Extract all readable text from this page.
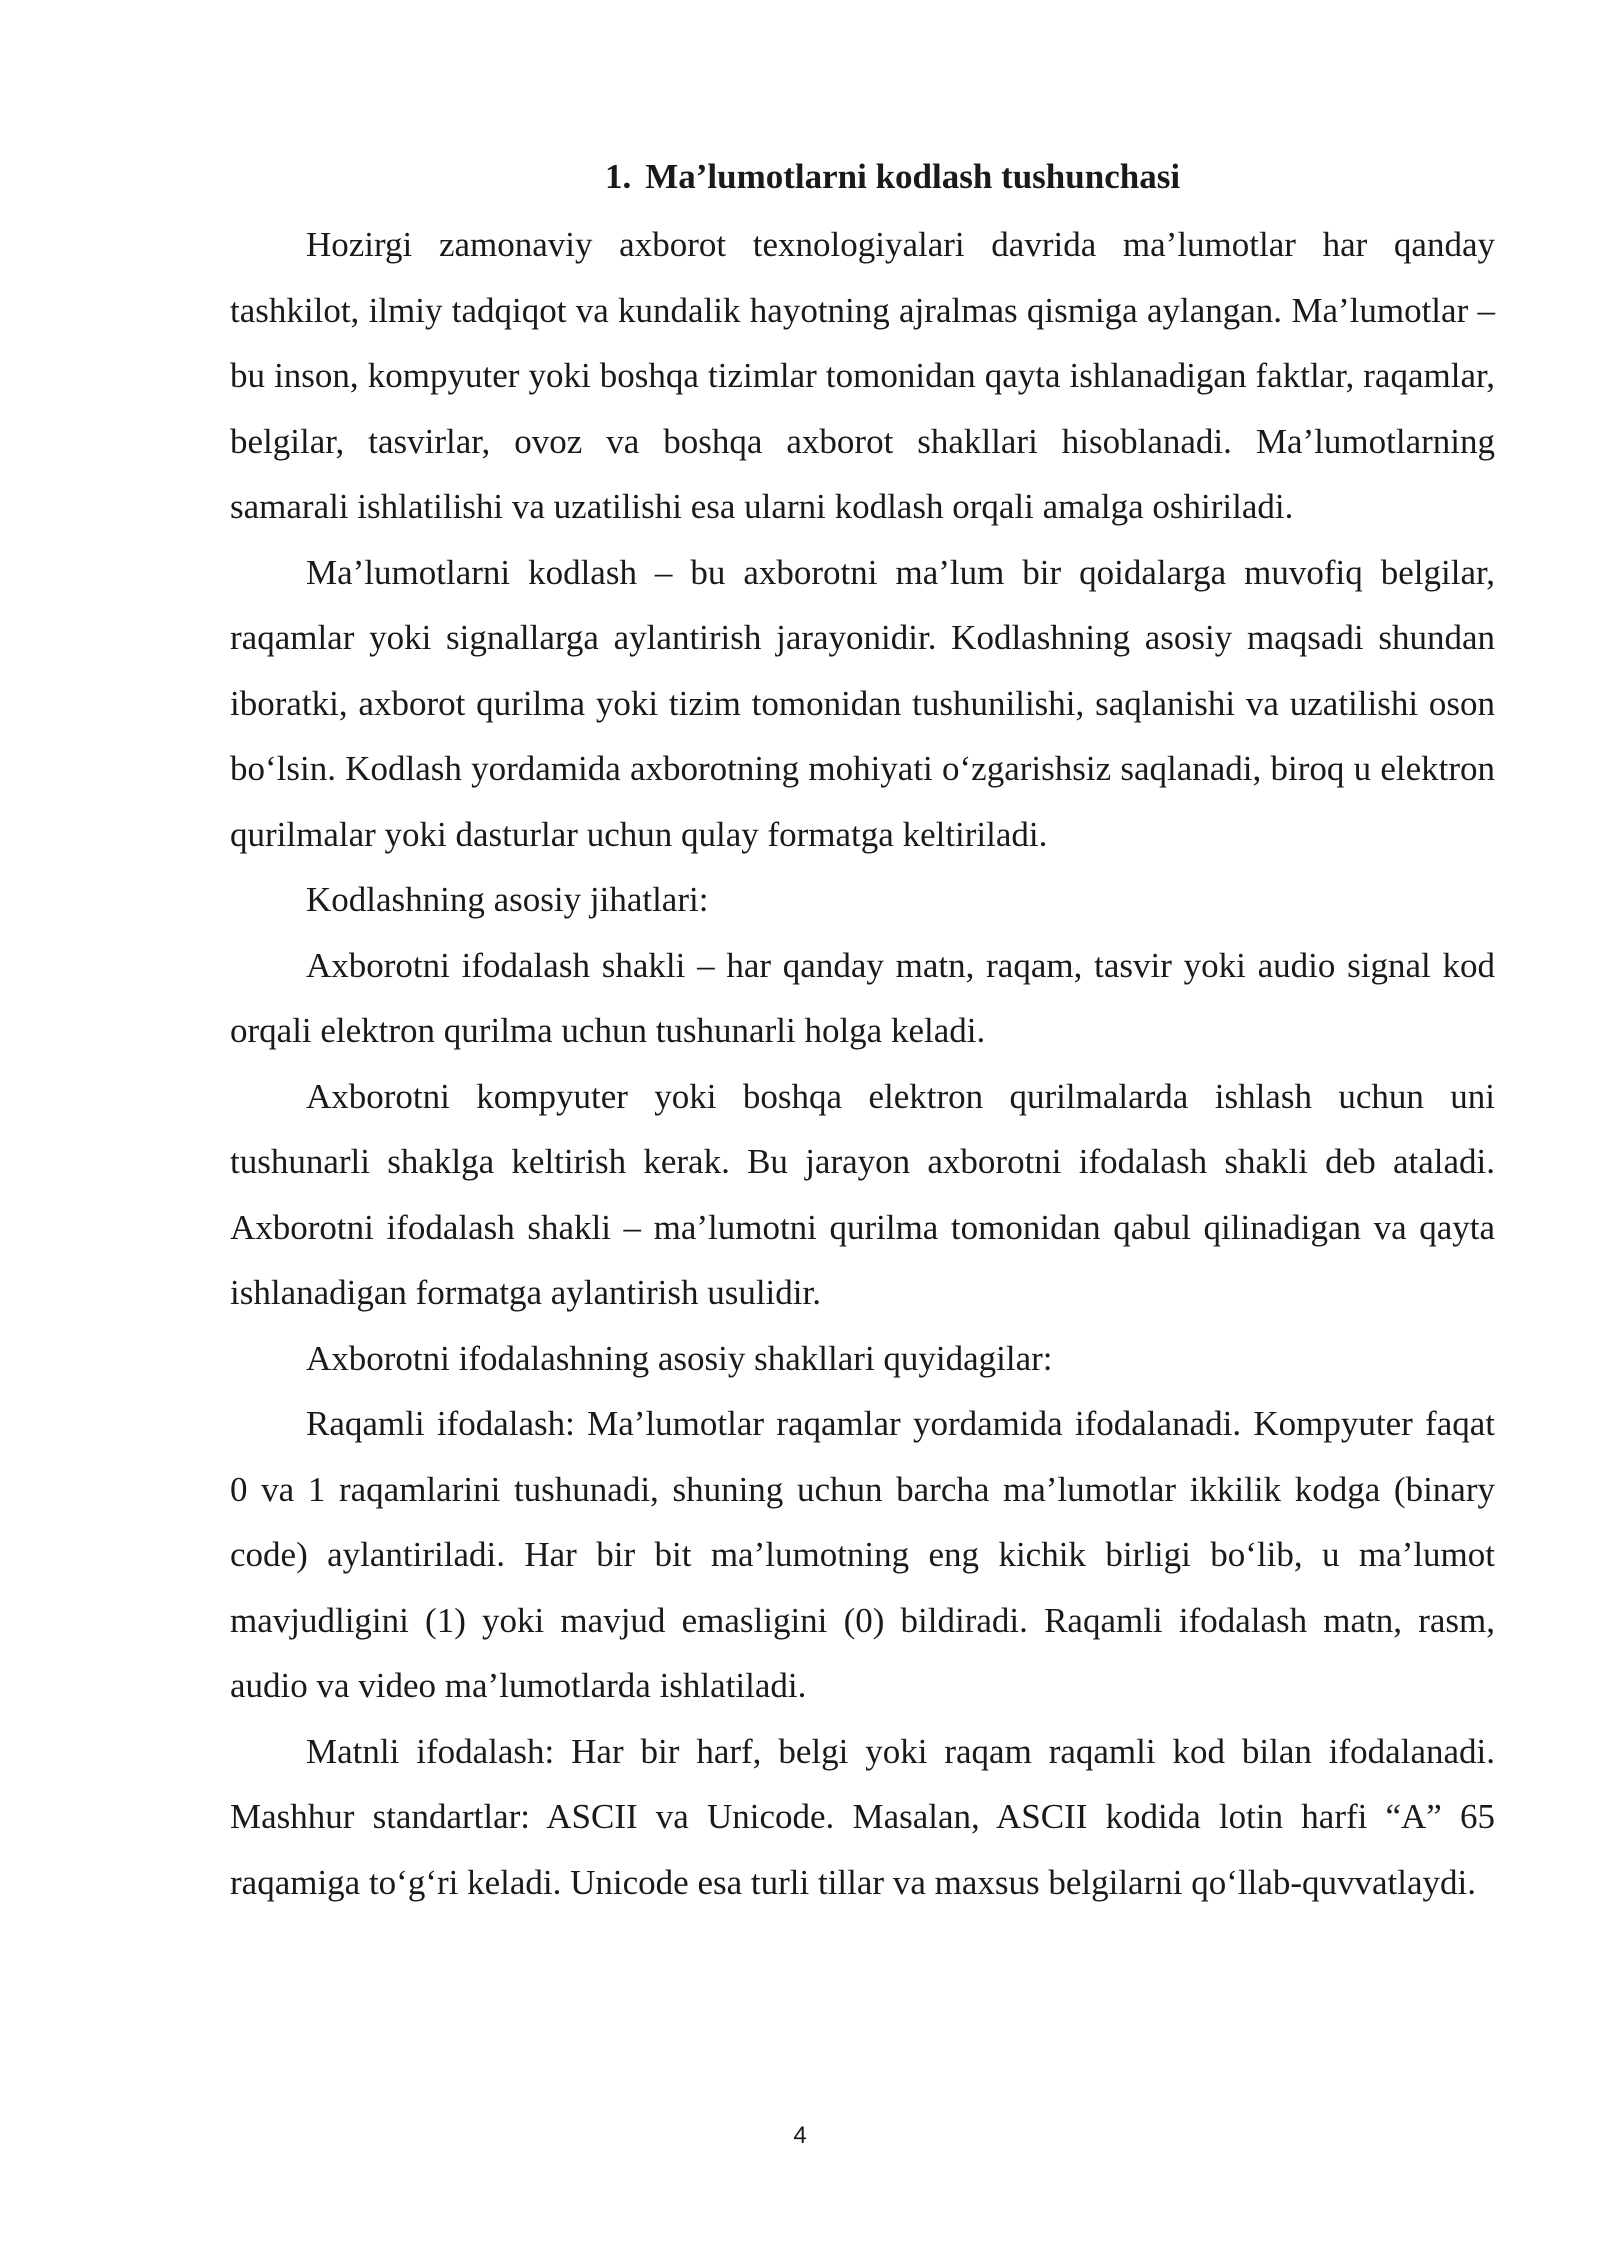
1. Ma’lumotlarni kodlash tushunchasi

Hozirgi zamonaviy axborot texnologiyalari davrida ma’lumotlar har qanday tashkilot, ilmiy tadqiqot va kundalik hayotning ajralmas qismiga aylangan. Ma’lumotlar – bu inson, kompyuter yoki boshqa tizimlar tomonidan qayta ishlanadigan faktlar, raqamlar, belgilar, tasvirlar, ovoz va boshqa axborot shakllari hisoblanadi. Ma’lumotlarning samarali ishlatilishi va uzatilishi esa ularni kodlash orqali amalga oshiriladi.

Ma’lumotlarni kodlash – bu axborotni ma’lum bir qoidalarga muvofiq belgilar, raqamlar yoki signallarga aylantirish jarayonidir. Kodlashning asosiy maqsadi shundan iboratki, axborot qurilma yoki tizim tomonidan tushunilishi, saqlanishi va uzatilishi oson bo‘lsin. Kodlash yordamida axborotning mohiyati o‘zgarishsiz saqlanadi, biroq u elektron qurilmalar yoki dasturlar uchun qulay formatga keltiriladi.

Kodlashning asosiy jihatlari:

Axborotni ifodalash shakli – har qanday matn, raqam, tasvir yoki audio signal kod orqali elektron qurilma uchun tushunarli holga keladi.

Axborotni kompyuter yoki boshqa elektron qurilmalarda ishlash uchun uni tushunarli shaklga keltirish kerak. Bu jarayon axborotni ifodalash shakli deb ataladi. Axborotni ifodalash shakli – ma’lumotni qurilma tomonidan qabul qilinadigan va qayta ishlanadigan formatga aylantirish usulidir.

Axborotni ifodalashning asosiy shakllari quyidagilar:

Raqamli ifodalash: Ma’lumotlar raqamlar yordamida ifodalanadi. Kompyuter faqat 0 va 1 raqamlarini tushunadi, shuning uchun barcha ma’lumotlar ikkilik kodga (binary code) aylantiriladi. Har bir bit ma’lumotning eng kichik birligi bo‘lib, u ma’lumot mavjudligini (1) yoki mavjud emasligini (0) bildiradi. Raqamli ifodalash matn, rasm, audio va video ma’lumotlarda ishlatiladi.

Matnli ifodalash: Har bir harf, belgi yoki raqam raqamli kod bilan ifodalanadi. Mashhur standartlar: ASCII va Unicode. Masalan, ASCII kodida lotin harfi “A” 65 raqamiga to‘g‘ri keladi. Unicode esa turli tillar va maxsus belgilarni qo‘llab-quvvatlaydi.

4
